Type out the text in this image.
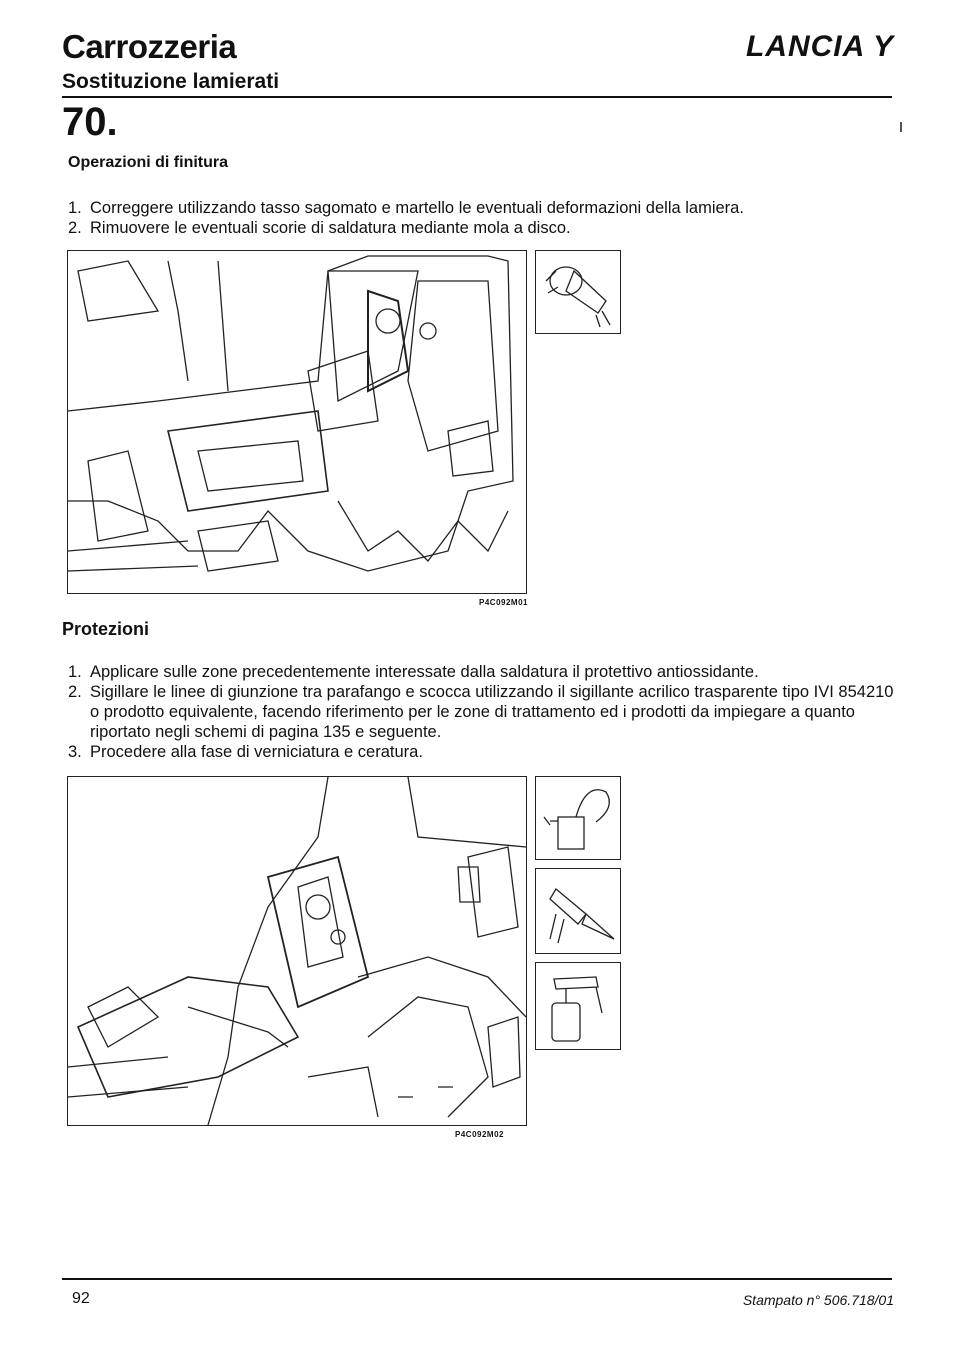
Carrozzeria	LANCIA Y
Sostituzione lamierati
70.
Operazioni di finitura
1. Correggere utilizzando tasso sagomato e martello le eventuali deformazioni della lamiera.
2. Rimuovere le eventuali scorie di saldatura mediante mola a disco.
P4C092M01
Protezioni
1. Applicare sulle zone precedentemente interessate dalla saldatura il protettivo antiossidante.
2. Sigillare le linee di giunzione tra parafango e scocca utilizzando il sigillante acrilico trasparente tipo IVI 854210 o prodotto equivalente, facendo riferimento per le zone di trattamento ed i prodotti da impiegare a quanto riportato negli schemi di pagina 135 e seguente.
3. Procedere alla fase di verniciatura e ceratura.
P4C092M02
92	Stampato n° 506.718/01
